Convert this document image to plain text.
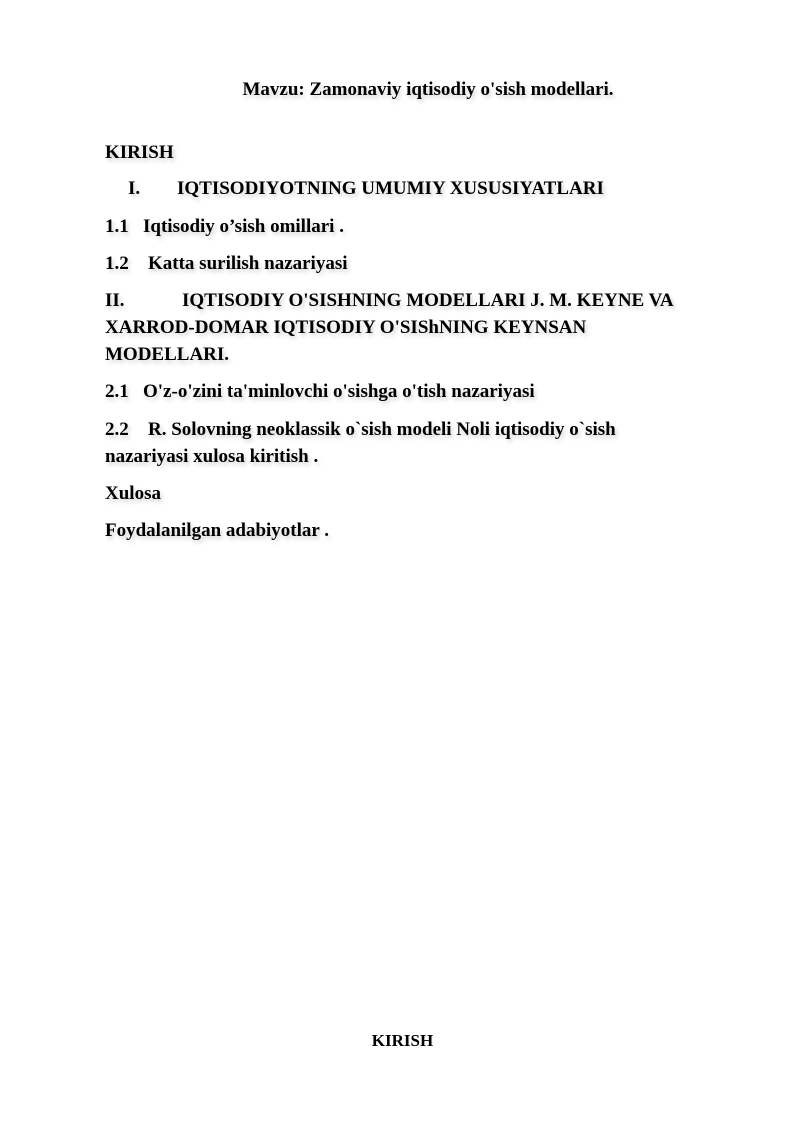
Mavzu: Zamonaviy iqtisodiy o'sish modellari.
KIRISH
I. IQTISODIYOTNING UMUMIY XUSUSIYATLARI
1.1 Iqtisodiy o’sish omillari .
1.2 Katta surilish nazariyasi
II.	IQTISODIY O'SISHNING MODELLARI J. M. KEYNE VA
XARROD-DOMAR IQTISODIY O'SIShNING KEYNSAN
MODELLARI.
2.1 O'z-o'zini ta'minlovchi o'sishga o'tish nazariyasi
2.2 R. Solovning neoklassik o`sish modeli Noli iqtisodiy o`sish
nazariyasi xulosa kiritish .
Xulosa
Foydalanilgan adabiyotlar .
KIRISH
